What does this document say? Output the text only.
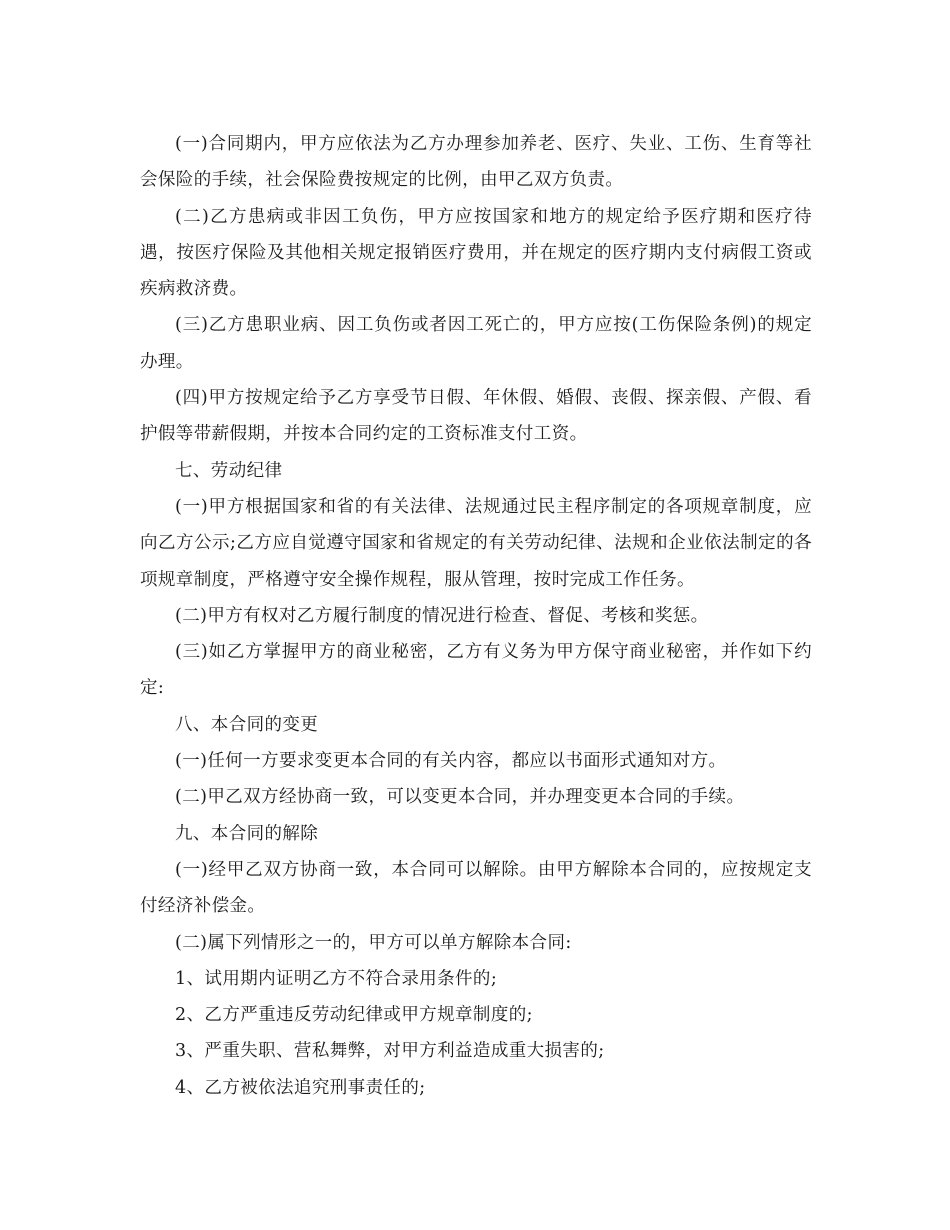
(一)合同期内，甲方应依法为乙方办理参加养老、医疗、失业、工伤、生育等社会保险的手续，社会保险费按规定的比例，由甲乙双方负责。

(二)乙方患病或非因工负伤，甲方应按国家和地方的规定给予医疗期和医疗待遇，按医疗保险及其他相关规定报销医疗费用，并在规定的医疗期内支付病假工资或疾病救济费。

(三)乙方患职业病、因工负伤或者因工死亡的，甲方应按(工伤保险条例)的规定办理。

(四)甲方按规定给予乙方享受节日假、年休假、婚假、丧假、探亲假、产假、看护假等带薪假期，并按本合同约定的工资标准支付工资。

七、劳动纪律

(一)甲方根据国家和省的有关法律、法规通过民主程序制定的各项规章制度，应向乙方公示;乙方应自觉遵守国家和省规定的有关劳动纪律、法规和企业依法制定的各项规章制度，严格遵守安全操作规程，服从管理，按时完成工作任务。

(二)甲方有权对乙方履行制度的情况进行检查、督促、考核和奖惩。

(三)如乙方掌握甲方的商业秘密，乙方有义务为甲方保守商业秘密，并作如下约定:

八、本合同的变更

(一)任何一方要求变更本合同的有关内容，都应以书面形式通知对方。

(二)甲乙双方经协商一致，可以变更本合同，并办理变更本合同的手续。

九、本合同的解除

(一)经甲乙双方协商一致，本合同可以解除。由甲方解除本合同的，应按规定支付经济补偿金。

(二)属下列情形之一的，甲方可以单方解除本合同:

1、试用期内证明乙方不符合录用条件的;

2、乙方严重违反劳动纪律或甲方规章制度的;

3、严重失职、营私舞弊，对甲方利益造成重大损害的;

4、乙方被依法追究刑事责任的;
